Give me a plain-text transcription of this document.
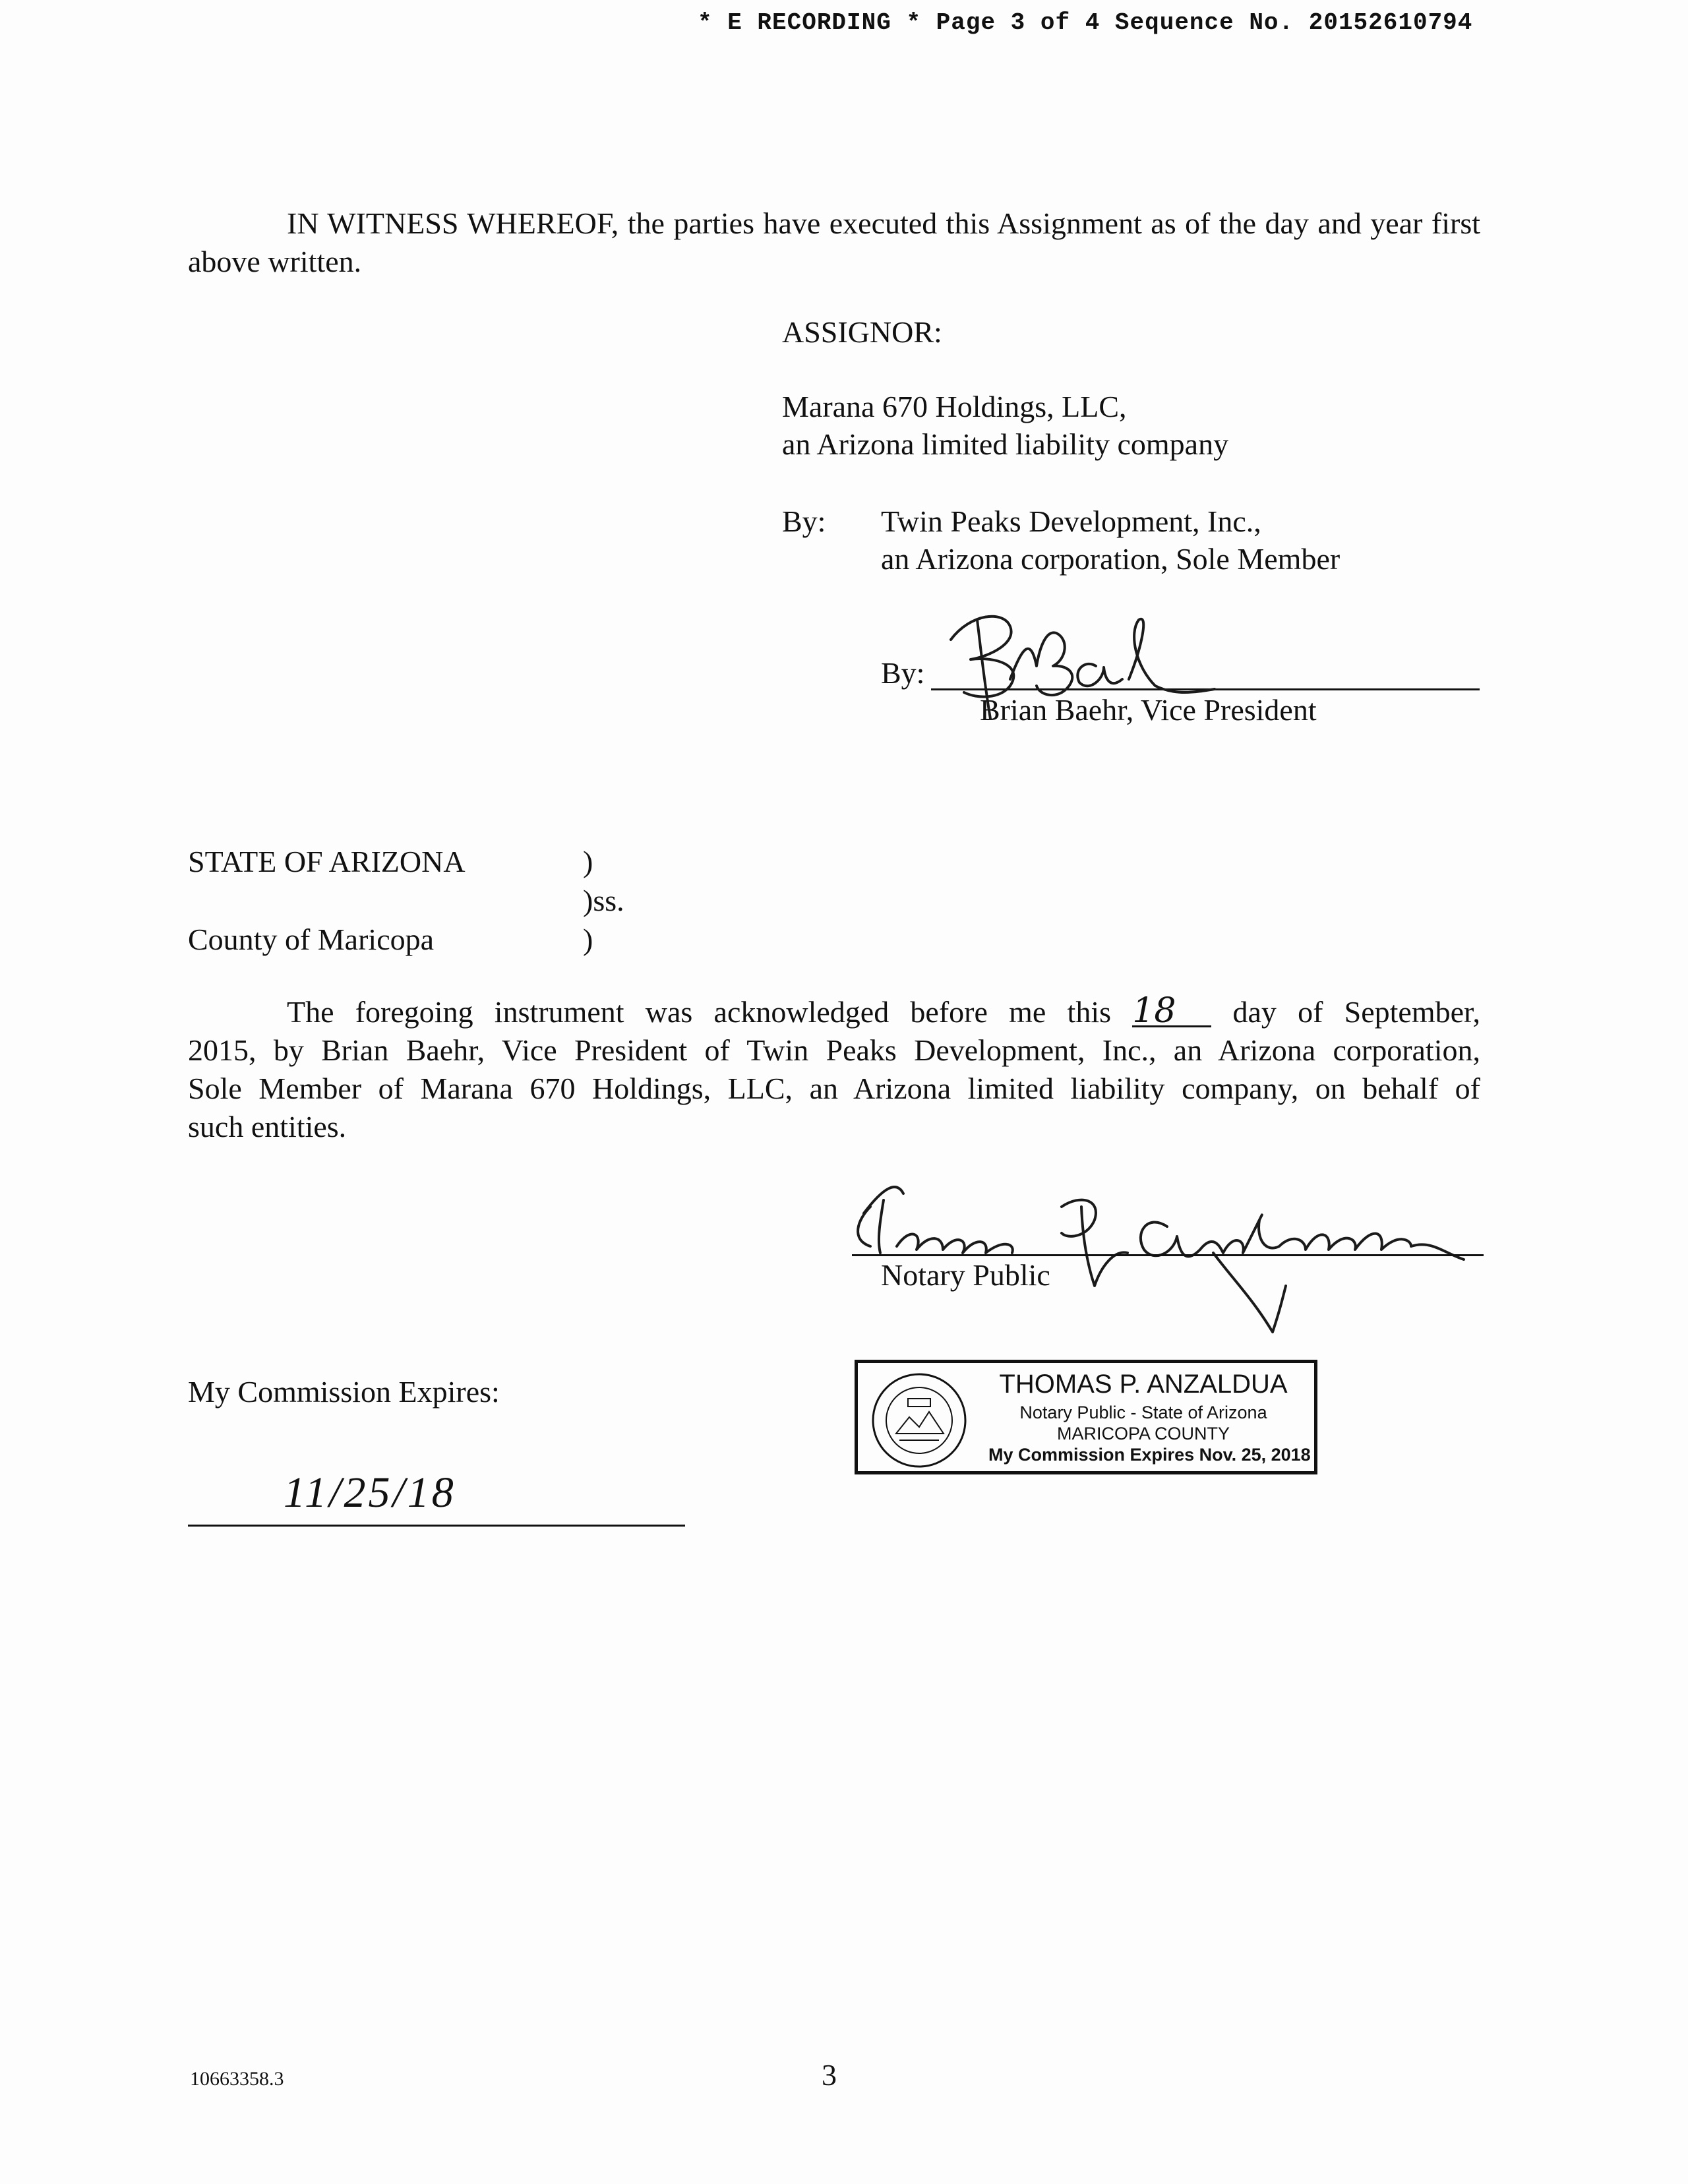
* E RECORDING * Page 3 of 4 Sequence No. 20152610794

IN WITNESS WHEREOF, the parties have executed this Assignment as of the day and year first above written.

ASSIGNOR:
Marana 670 Holdings, LLC,
an Arizona limited liability company
By: Twin Peaks Development, Inc.,
an Arizona corporation, Sole Member
By:
Brian Baehr, Vice President
STATE OF ARIZONA	)
)ss.
County of Maricopa	)
The foregoing instrument was acknowledged before me this 18 day of September,
2015, by Brian Baehr, Vice President of Twin Peaks Development, Inc., an Arizona corporation,
Sole Member of Marana 670 Holdings, LLC, an Arizona limited liability company, on behalf of
such entities.
Notary Public
My Commission Expires:
11/25/18
THOMAS P. ANZALDUA
Notary Public - State of Arizona
MARICOPA COUNTY
My Commission Expires Nov. 25, 2018
10663358.3	3
